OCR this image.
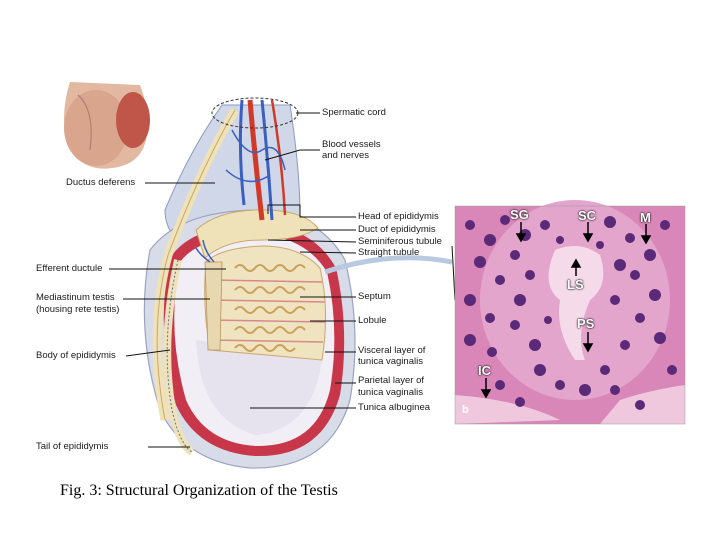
Spermatic cord
Blood vessels
and nerves
Ductus deferens
Head of epididymis
Duct of epididymis
Seminiferous tubule
Straight tubule
Efferent ductule
Mediastinum testis
(housing rete testis)
Septum
Lobule
Body of epididymis	Visceral layer of
tunica vaginalis
Parietal layer of
tunica vaginalis
Tunica albuginea
Tail of epididymis
SG	SC	M
LS
PS
IC
b
Fig. 3: Structural Organization of the Testis
